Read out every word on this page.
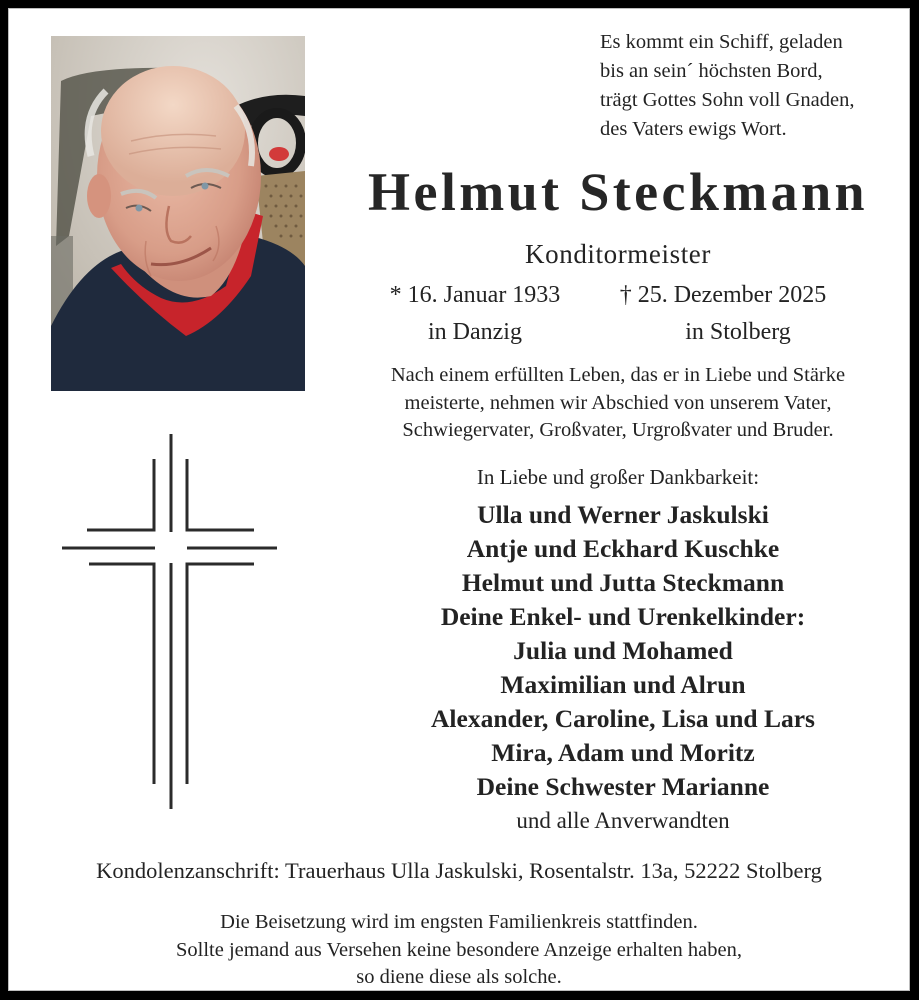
Es kommt ein Schiff, geladen
bis an sein´ höchsten Bord,
trägt Gottes Sohn voll Gnaden,
des Vaters ewigs Wort.
Helmut Steckmann
Konditormeister
* 16. Januar 1933	† 25. Dezember 2025
in Danzig	in Stolberg
Nach einem erfüllten Leben, das er in Liebe und Stärke
meisterte, nehmen wir Abschied von unserem Vater,
Schwiegervater, Großvater, Urgroßvater und Bruder.
In Liebe und großer Dankbarkeit:
Ulla und Werner Jaskulski
Antje und Eckhard Kuschke
Helmut und Jutta Steckmann
Deine Enkel- und Urenkelkinder:
Julia und Mohamed
Maximilian und Alrun
Alexander, Caroline, Lisa und Lars
Mira, Adam und Moritz
Deine Schwester Marianne
und alle Anverwandten
Kondolenzanschrift: Trauerhaus Ulla Jaskulski, Rosentalstr. 13a, 52222 Stolberg
Die Beisetzung wird im engsten Familienkreis stattfinden.
Sollte jemand aus Versehen keine besondere Anzeige erhalten haben,
so diene diese als solche.
